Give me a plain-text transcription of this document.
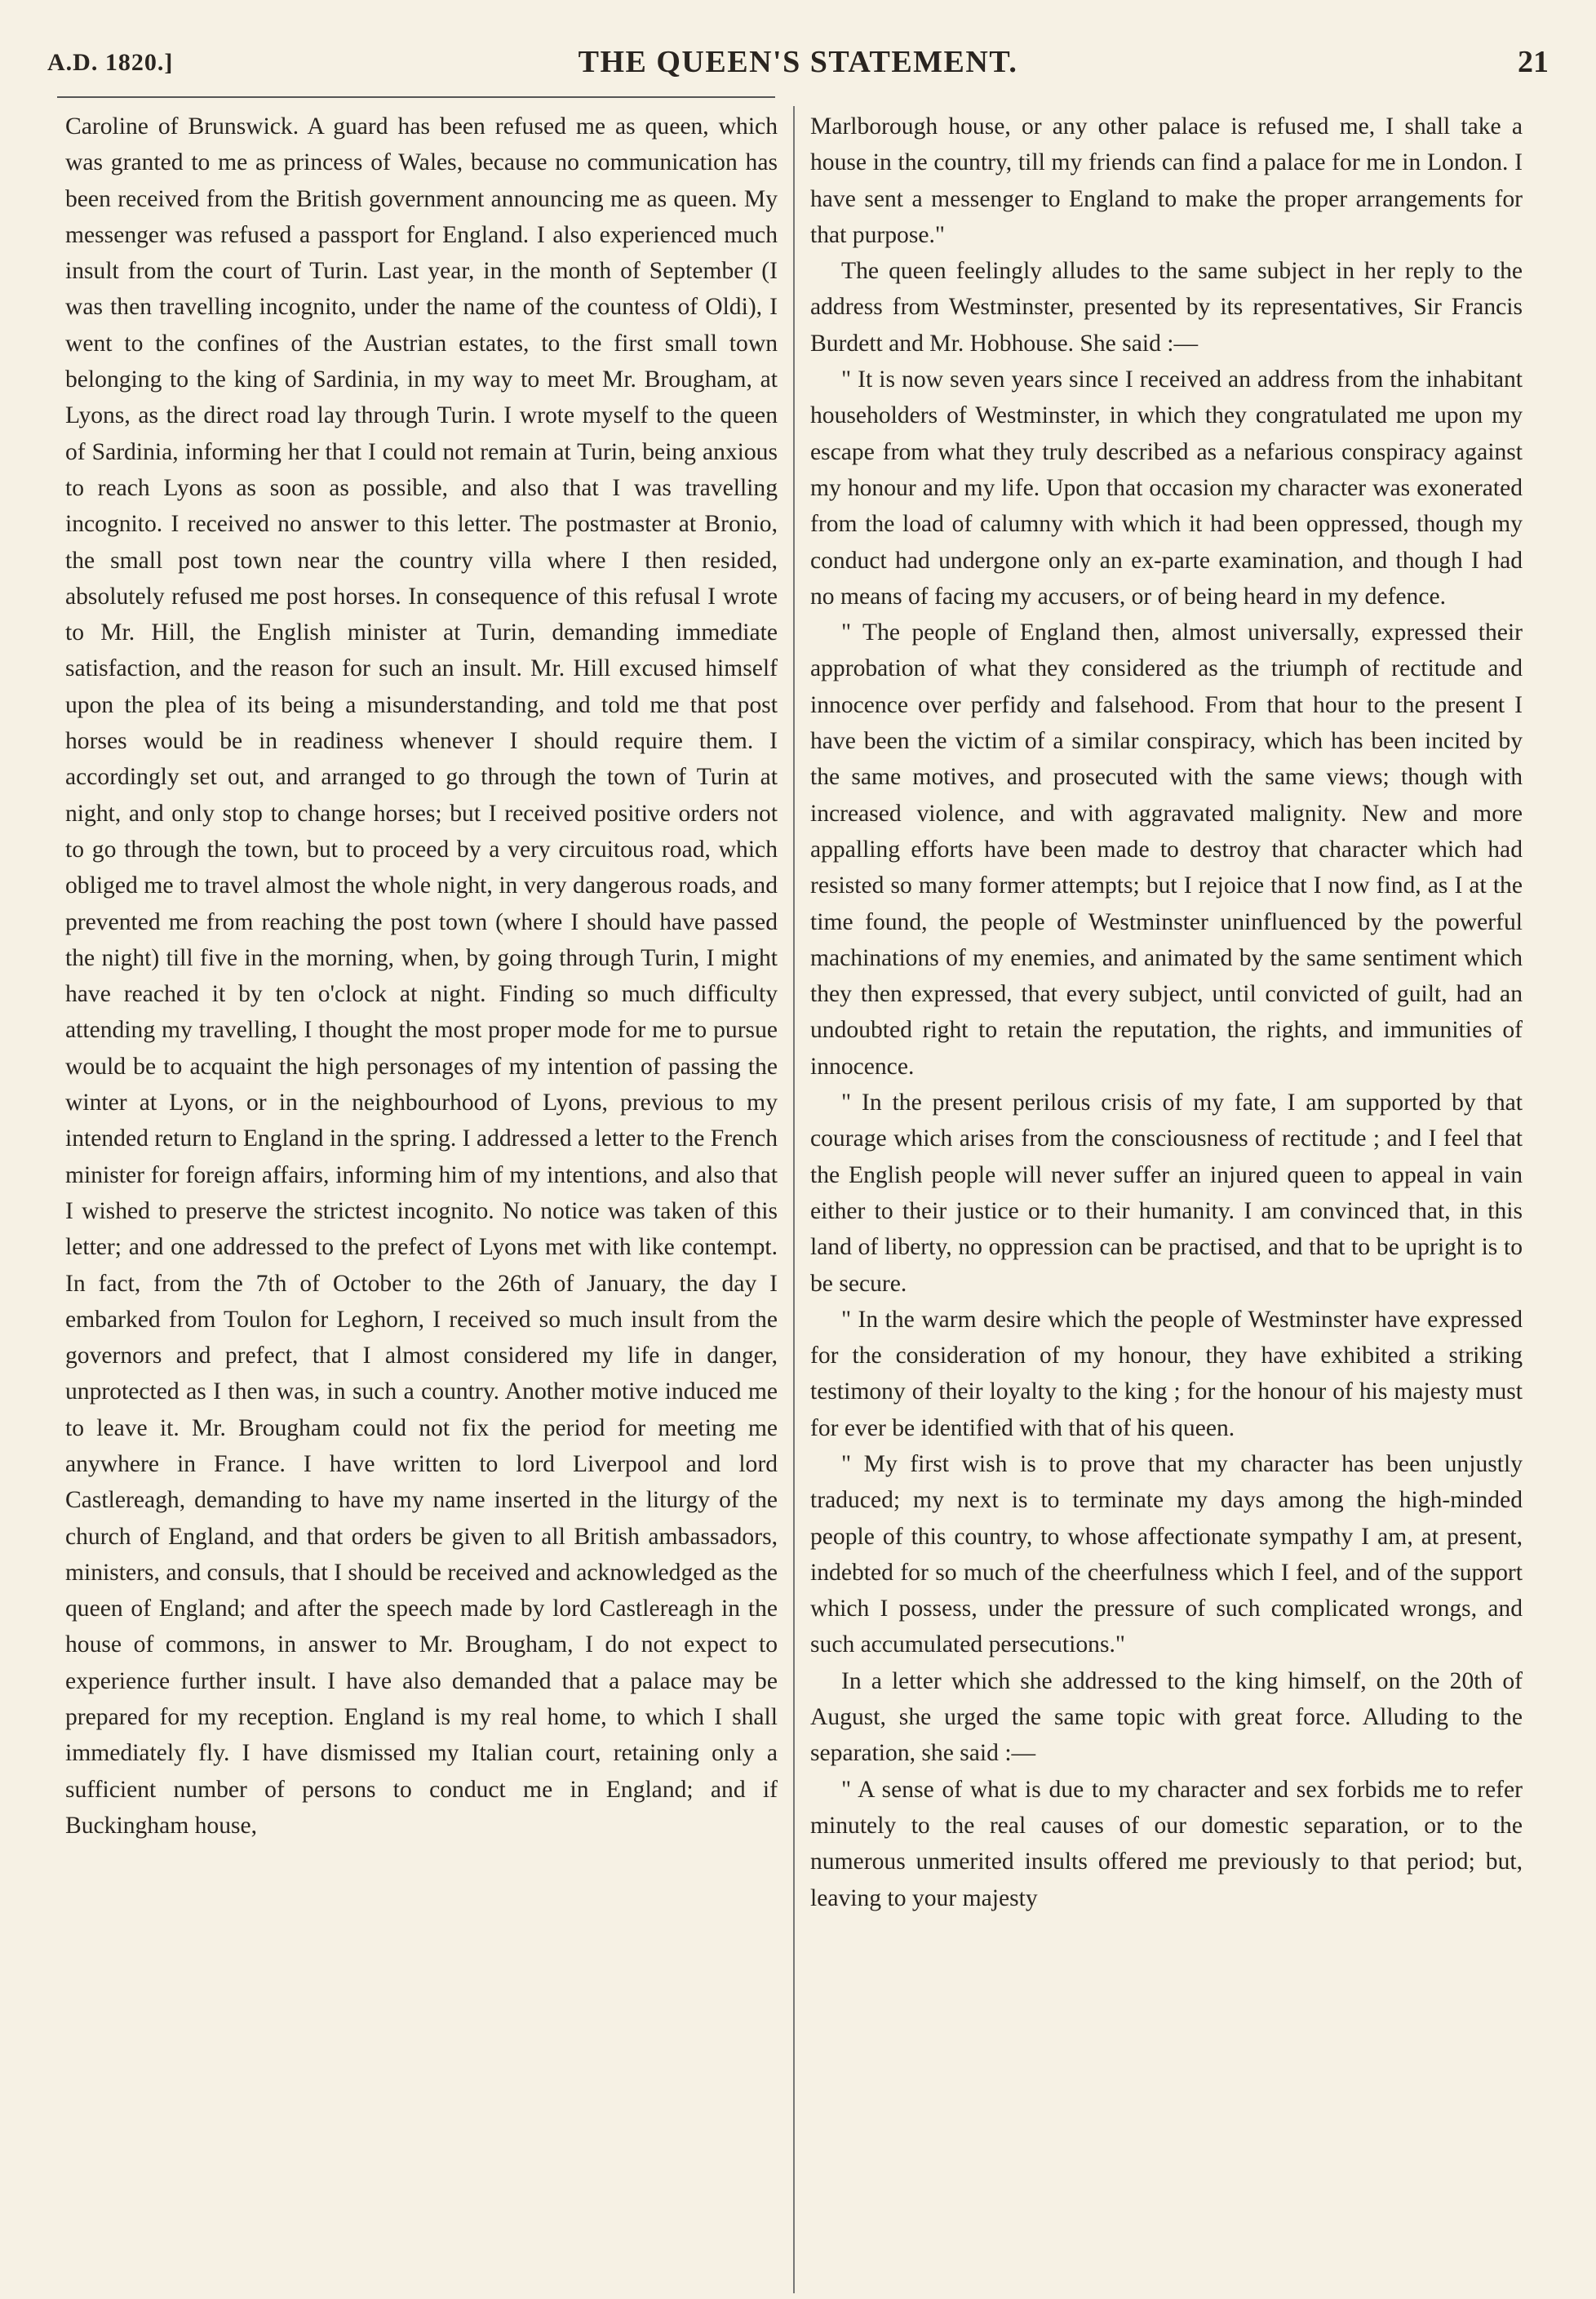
A.D. 1820.]	THE QUEEN'S STATEMENT.	21

Caroline of Brunswick. A guard has been refused me as queen, which was granted to me as princess of Wales, because no communication has been received from the British government announcing me as queen. My messenger was refused a passport for England. I also experienced much insult from the court of Turin. Last year, in the month of September (I was then travelling incognito, under the name of the countess of Oldi), I went to the confines of the Austrian estates, to the first small town belonging to the king of Sardinia, in my way to meet Mr. Brougham, at Lyons, as the direct road lay through Turin. I wrote myself to the queen of Sardinia, informing her that I could not remain at Turin, being anxious to reach Lyons as soon as possible, and also that I was travelling incognito. I received no answer to this letter. The postmaster at Bronio, the small post town near the country villa where I then resided, absolutely refused me post horses. In consequence of this refusal I wrote to Mr. Hill, the English minister at Turin, demanding immediate satisfaction, and the reason for such an insult. Mr. Hill excused himself upon the plea of its being a misunderstanding, and told me that post horses would be in readiness whenever I should require them. I accordingly set out, and arranged to go through the town of Turin at night, and only stop to change horses; but I received positive orders not to go through the town, but to proceed by a very circuitous road, which obliged me to travel almost the whole night, in very dangerous roads, and prevented me from reaching the post town (where I should have passed the night) till five in the morning, when, by going through Turin, I might have reached it by ten o'clock at night. Finding so much difficulty attending my travelling, I thought the most proper mode for me to pursue would be to acquaint the high personages of my intention of passing the winter at Lyons, or in the neighbourhood of Lyons, previous to my intended return to England in the spring. I addressed a letter to the French minister for foreign affairs, informing him of my intentions, and also that I wished to preserve the strictest incognito. No notice was taken of this letter; and one addressed to the prefect of Lyons met with like contempt. In fact, from the 7th of October to the 26th of January, the day I embarked from Toulon for Leghorn, I received so much insult from the governors and prefect, that I almost considered my life in danger, unprotected as I then was, in such a country. Another motive induced me to leave it. Mr. Brougham could not fix the period for meeting me anywhere in France. I have written to lord Liverpool and lord Castlereagh, demanding to have my name inserted in the liturgy of the church of England, and that orders be given to all British ambassadors, ministers, and consuls, that I should be received and acknowledged as the queen of England; and after the speech made by lord Castlereagh in the house of commons, in answer to Mr. Brougham, I do not expect to experience further insult. I have also demanded that a palace may be prepared for my reception. England is my real home, to which I shall immediately fly. I have dismissed my Italian court, retaining only a sufficient number of persons to conduct me in England; and if Buckingham house,

Marlborough house, or any other palace is refused me, I shall take a house in the country, till my friends can find a palace for me in London. I have sent a messenger to England to make the proper arrangements for that purpose."

The queen feelingly alludes to the same subject in her reply to the address from Westminster, presented by its representatives, Sir Francis Burdett and Mr. Hobhouse. She said :—

" It is now seven years since I received an address from the inhabitant householders of Westminster, in which they congratulated me upon my escape from what they truly described as a nefarious conspiracy against my honour and my life. Upon that occasion my character was exonerated from the load of calumny with which it had been oppressed, though my conduct had undergone only an ex-parte examination, and though I had no means of facing my accusers, or of being heard in my defence.

" The people of England then, almost universally, expressed their approbation of what they considered as the triumph of rectitude and innocence over perfidy and falsehood. From that hour to the present I have been the victim of a similar conspiracy, which has been incited by the same motives, and prosecuted with the same views; though with increased violence, and with aggravated malignity. New and more appalling efforts have been made to destroy that character which had resisted so many former attempts; but I rejoice that I now find, as I at the time found, the people of Westminster uninfluenced by the powerful machinations of my enemies, and animated by the same sentiment which they then expressed, that every subject, until convicted of guilt, had an undoubted right to retain the reputation, the rights, and immunities of innocence.

" In the present perilous crisis of my fate, I am supported by that courage which arises from the consciousness of rectitude ; and I feel that the English people will never suffer an injured queen to appeal in vain either to their justice or to their humanity. I am convinced that, in this land of liberty, no oppression can be practised, and that to be upright is to be secure.

" In the warm desire which the people of Westminster have expressed for the consideration of my honour, they have exhibited a striking testimony of their loyalty to the king ; for the honour of his majesty must for ever be identified with that of his queen.

" My first wish is to prove that my character has been unjustly traduced; my next is to terminate my days among the high-minded people of this country, to whose affectionate sympathy I am, at present, indebted for so much of the cheerfulness which I feel, and of the support which I possess, under the pressure of such complicated wrongs, and such accumulated persecutions."

In a letter which she addressed to the king himself, on the 20th of August, she urged the same topic with great force. Alluding to the separation, she said :—

" A sense of what is due to my character and sex forbids me to refer minutely to the real causes of our domestic separation, or to the numerous unmerited insults offered me previously to that period; but, leaving to your majesty
